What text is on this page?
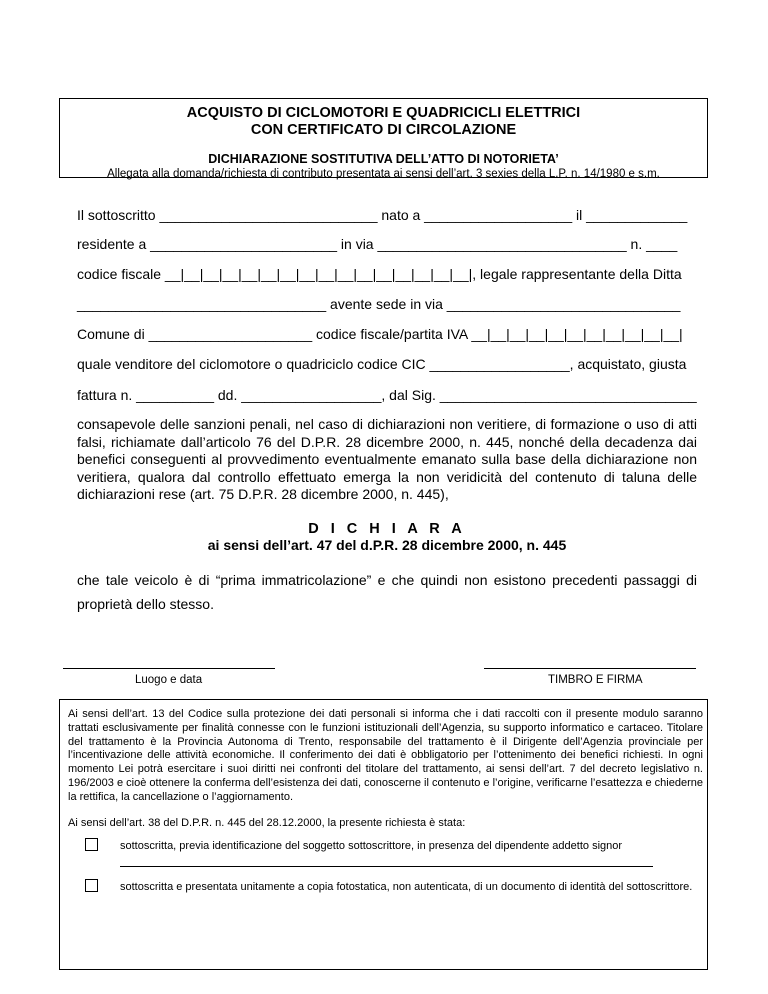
ACQUISTO DI CICLOMOTORI E QUADRICICLI ELETTRICI
CON CERTIFICATO DI CIRCOLAZIONE
DICHIARAZIONE SOSTITUTIVA DELL’ATTO DI NOTORIETA’
Allegata alla domanda/richiesta di contributo presentata ai sensi dell’art. 3 sexies della L.P. n. 14/1980 e s.m.
Il sottoscritto ____________________________ nato a ___________________ il _____________
residente a ________________________ in via ________________________________ n. ____
codice fiscale __|__|__|__|__|__|__|__|__|__|__|__|__|__|__|__|, legale rappresentante della Ditta
________________________________ avente sede in via ______________________________
Comune di _____________________ codice fiscale/partita IVA __|__|__|__|__|__|__|__|__|__|__|
quale venditore del ciclomotore o quadriciclo codice CIC __________________, acquistato, giusta
fattura n. __________ dd. __________________, dal Sig. _________________________________
consapevole delle sanzioni penali, nel caso di dichiarazioni non veritiere, di formazione o uso di atti falsi, richiamate dall’articolo 76 del D.P.R. 28 dicembre 2000, n. 445, nonché della decadenza dai benefici conseguenti al provvedimento eventualmente emanato sulla base della dichiarazione non veritiera, qualora dal controllo effettuato emerga la non veridicità del contenuto di taluna delle dichiarazioni rese (art. 75 D.P.R. 28 dicembre 2000, n. 445),
D I C H I A R A
ai sensi dell’art. 47 del d.P.R. 28 dicembre 2000, n. 445
che tale veicolo è di “prima immatricolazione” e che quindi non esistono precedenti passaggi di proprietà dello stesso.
Luogo e data	TIMBRO E FIRMA
Ai sensi dell’art. 13 del Codice sulla protezione dei dati personali si informa che i dati raccolti con il presente modulo saranno trattati esclusivamente per finalità connesse con le funzioni istituzionali dell’Agenzia, su supporto informatico e cartaceo. Titolare del trattamento è la Provincia Autonoma di Trento, responsabile del trattamento è il Dirigente dell’Agenzia provinciale per l’incentivazione delle attività economiche. Il conferimento dei dati è obbligatorio per l’ottenimento dei benefici richiesti. In ogni momento Lei potrà esercitare i suoi diritti nei confronti del titolare del trattamento, ai sensi dell’art. 7 del decreto legislativo n. 196/2003 e cioè ottenere la conferma dell’esistenza dei dati, conoscerne il contenuto e l’origine, verificarne l’esattezza e chiederne la rettifica, la cancellazione o l’aggiornamento.
Ai sensi dell’art. 38 del D.P.R. n. 445 del 28.12.2000, la presente richiesta è stata:
sottoscritta, previa identificazione del soggetto sottoscrittore, in presenza del dipendente addetto signor
sottoscritta e presentata unitamente a copia fotostatica, non autenticata, di un documento di identità del sottoscrittore.
